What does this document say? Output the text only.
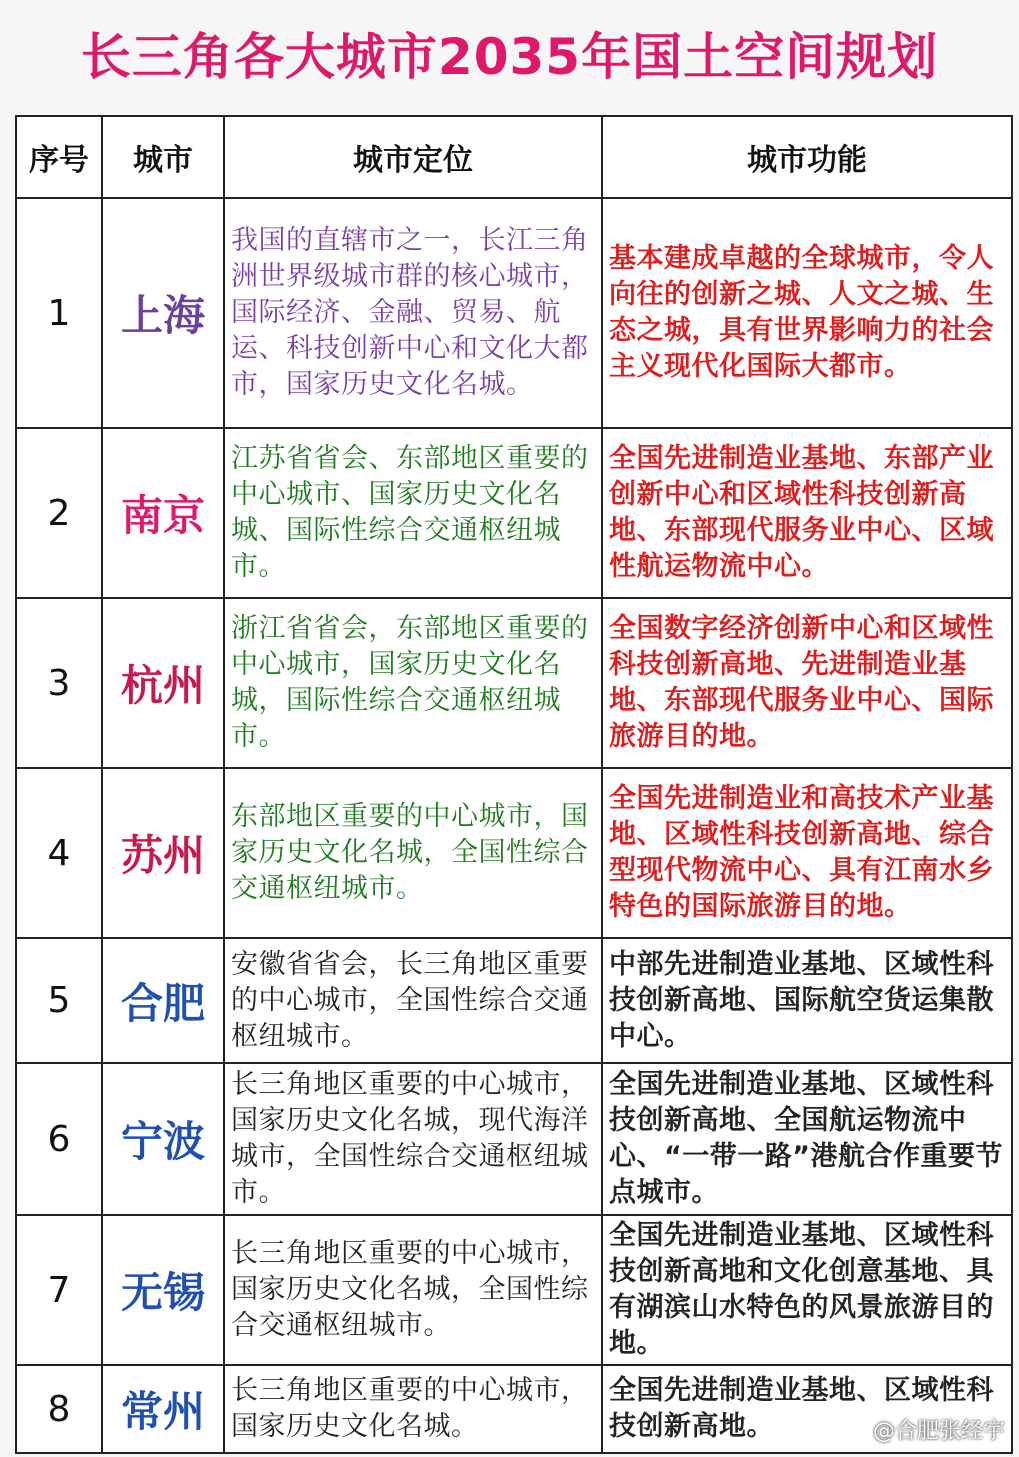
长三角各大城市2035年国土空间规划
序号	城市	城市定位	城市功能
1	上海	我国的直辖市之一，长江三角洲世界级城市群的核心城市，国际经济、金融、贸易、航运、科技创新中心和文化大都市，国家历史文化名城。	基本建成卓越的全球城市，令人向往的创新之城、人文之城、生态之城，具有世界影响力的社会主义现代化国际大都市。
2	南京	江苏省省会、东部地区重要的中心城市、国家历史文化名城、国际性综合交通枢纽城市。	全国先进制造业基地、东部产业创新中心和区域性科技创新高地、东部现代服务业中心、区域性航运物流中心。
3	杭州	浙江省省会，东部地区重要的中心城市，国家历史文化名城，国际性综合交通枢纽城市。	全国数字经济创新中心和区域性科技创新高地、先进制造业基地、东部现代服务业中心、国际旅游目的地。
4	苏州	东部地区重要的中心城市，国家历史文化名城，全国性综合交通枢纽城市。	全国先进制造业和高技术产业基地、区域性科技创新高地、综合型现代物流中心、具有江南水乡特色的国际旅游目的地。
5	合肥	安徽省省会，长三角地区重要的中心城市，全国性综合交通枢纽城市。	中部先进制造业基地、区域性科技创新高地、国际航空货运集散中心。
6	宁波	长三角地区重要的中心城市，国家历史文化名城，现代海洋城市，全国性综合交通枢纽城市。	全国先进制造业基地、区域性科技创新高地、全国航运物流中心、“一带一路”港航合作重要节点城市。
7	无锡	长三角地区重要的中心城市，国家历史文化名城，全国性综合交通枢纽城市。	全国先进制造业基地、区域性科技创新高地和文化创意基地、具有湖滨山水特色的风景旅游目的地。
8	常州	长三角地区重要的中心城市，国家历史文化名城。	全国先进制造业基地、区域性科技创新高地。	@合肥张经宇
